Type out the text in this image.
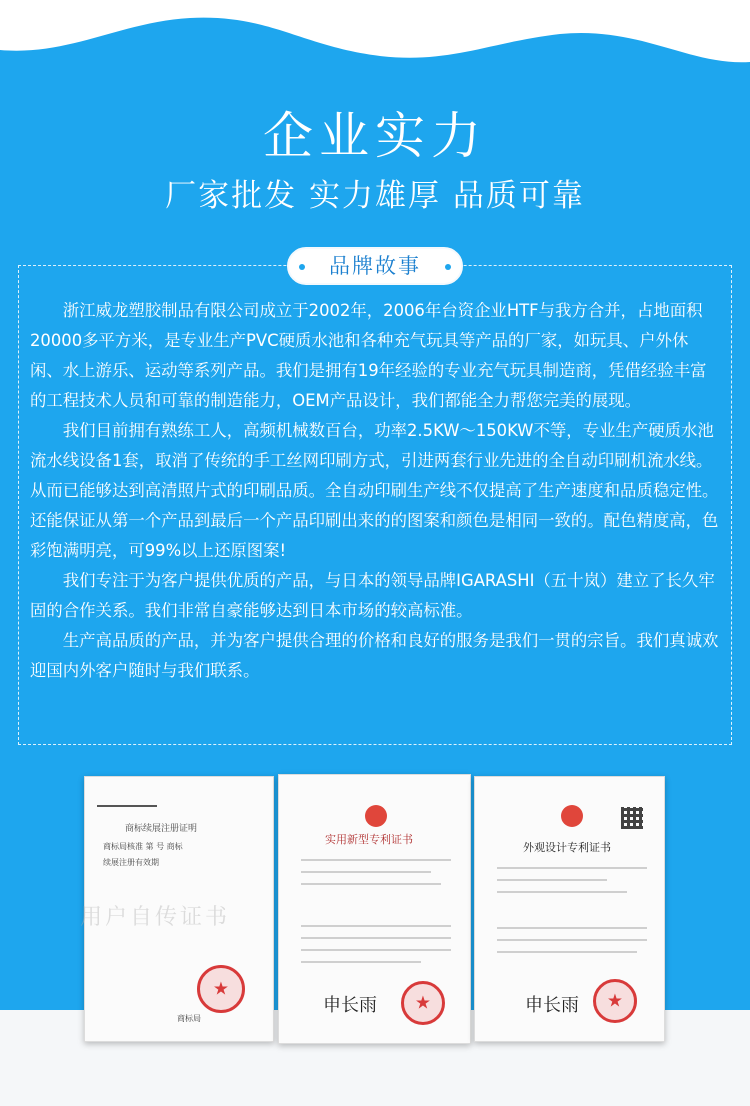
企业实力
厂家批发 实力雄厚 品质可靠
品牌故事

浙江威龙塑胶制品有限公司成立于2002年，2006年台资企业HTF与我方合并，占地面积20000多平方米，是专业生产PVC硬质水池和各种充气玩具等产品的厂家，如玩具、户外休闲、水上游乐、运动等系列产品。我们是拥有19年经验的专业充气玩具制造商，凭借经验丰富的工程技术人员和可靠的制造能力，OEM产品设计，我们都能全力帮您完美的展现。

我们目前拥有熟练工人，高频机械数百台，功率2.5KW～150KW不等，专业生产硬质水池流水线设备1套，取消了传统的手工丝网印刷方式，引进两套行业先进的全自动印刷机流水线。从而已能够达到高清照片式的印刷品质。全自动印刷生产线不仅提高了生产速度和品质稳定性。还能保证从第一个产品到最后一个产品印刷出来的的图案和颜色是相同一致的。配色精度高，色彩饱满明亮，可99%以上还原图案!

我们专注于为客户提供优质的产品，与日本的领导品牌IGARASHI（五十岚）建立了长久牢固的合作关系。我们非常自豪能够达到日本市场的较高标准。

生产高品质的产品，并为客户提供合理的价格和良好的服务是我们一贯的宗旨。我们真诚欢迎国内外客户随时与我们联系。

商标续展注册证明
商标局核准 第 号 商标
续展注册有效期
★
商标局
实用新型专利证书
申长雨 ★
外观设计专利证书
申长雨 ★
用户自传证书
